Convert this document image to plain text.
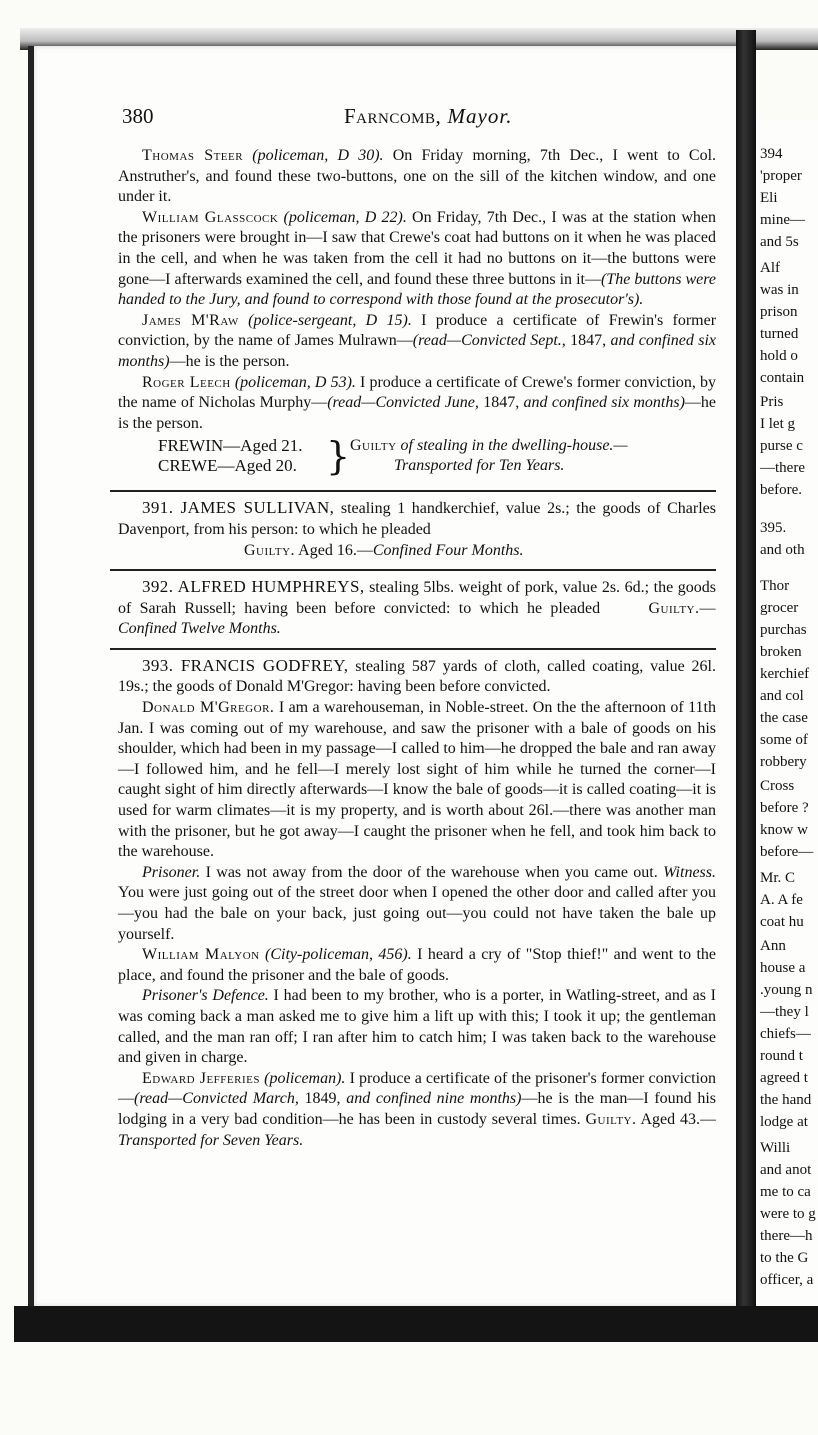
394
'proper
Eli
mine—
and 5s
Alf
was in
prison
turned
hold o
contain
Pris
I let g
purse c
—there
before.
395.
and oth
Thor
grocer
purchas
broken
kerchief
and col
the case
some of
robbery
Cross
before ?
know w
before—
Mr. C
A. A fe
coat hu
Ann
house a
.young n
—they l
chiefs—
round t
agreed t
the hand
lodge at
Willi
and anot
me to ca
were to g
there—h
to the G
officer, a
380	Farncomb, Mayor.

Thomas Steer (policeman, D 30). On Friday morning, 7th Dec., I went to Col. Anstruther's, and found these two-buttons, one on the sill of the kitchen window, and one under it.

William Glasscock (policeman, D 22). On Friday, 7th Dec., I was at the station when the prisoners were brought in—I saw that Crewe's coat had buttons on it when he was placed in the cell, and when he was taken from the cell it had no buttons on it—the buttons were gone—I afterwards examined the cell, and found these three buttons in it—(The buttons were handed to the Jury, and found to correspond with those found at the prosecutor's).

James M'Raw (police-sergeant, D 15). I produce a certificate of Frewin's former conviction, by the name of James Mulrawn—(read—Convicted Sept., 1847, and confined six months)—he is the person.

Roger Leech (policeman, D 53). I produce a certificate of Crewe's former conviction, by the name of Nicholas Murphy—(read—Convicted June, 1847, and confined six months)—he is the person.

FREWIN—Aged 21.
CREWE—Aged 20. } Guilty of stealing in the dwelling-house.—
Transported for Ten Years.

391. JAMES SULLIVAN, stealing 1 handkerchief, value 2s.; the goods of Charles Davenport, from his person: to which he pleaded

Guilty. Aged 16.—Confined Four Months.

392. ALFRED HUMPHREYS, stealing 5lbs. weight of pork, value 2s. 6d.; the goods of Sarah Russell; having been before convicted: to which he pleaded	Guilty.—Confined Twelve Months.

393. FRANCIS GODFREY, stealing 587 yards of cloth, called coating, value 26l. 19s.; the goods of Donald M'Gregor: having been before convicted.

Donald M'Gregor. I am a warehouseman, in Noble-street. On the the afternoon of 11th Jan. I was coming out of my warehouse, and saw the prisoner with a bale of goods on his shoulder, which had been in my passage—I called to him—he dropped the bale and ran away—I followed him, and he fell—I merely lost sight of him while he turned the corner—I caught sight of him directly afterwards—I know the bale of goods—it is called coating—it is used for warm climates—it is my property, and is worth about 26l.—there was another man with the prisoner, but he got away—I caught the prisoner when he fell, and took him back to the warehouse.

Prisoner. I was not away from the door of the warehouse when you came out. Witness. You were just going out of the street door when I opened the other door and called after you—you had the bale on your back, just going out—you could not have taken the bale up yourself.

William Malyon (City-policeman, 456). I heard a cry of "Stop thief!" and went to the place, and found the prisoner and the bale of goods.

Prisoner's Defence. I had been to my brother, who is a porter, in Watling-street, and as I was coming back a man asked me to give him a lift up with this; I took it up; the gentleman called, and the man ran off; I ran after him to catch him; I was taken back to the warehouse and given in charge.

Edward Jefferies (policeman). I produce a certificate of the prisoner's former conviction—(read—Convicted March, 1849, and confined nine months)—he is the man—I found his lodging in a very bad condition—he has been in custody several times. Guilty. Aged 43.—Transported for Seven Years.
